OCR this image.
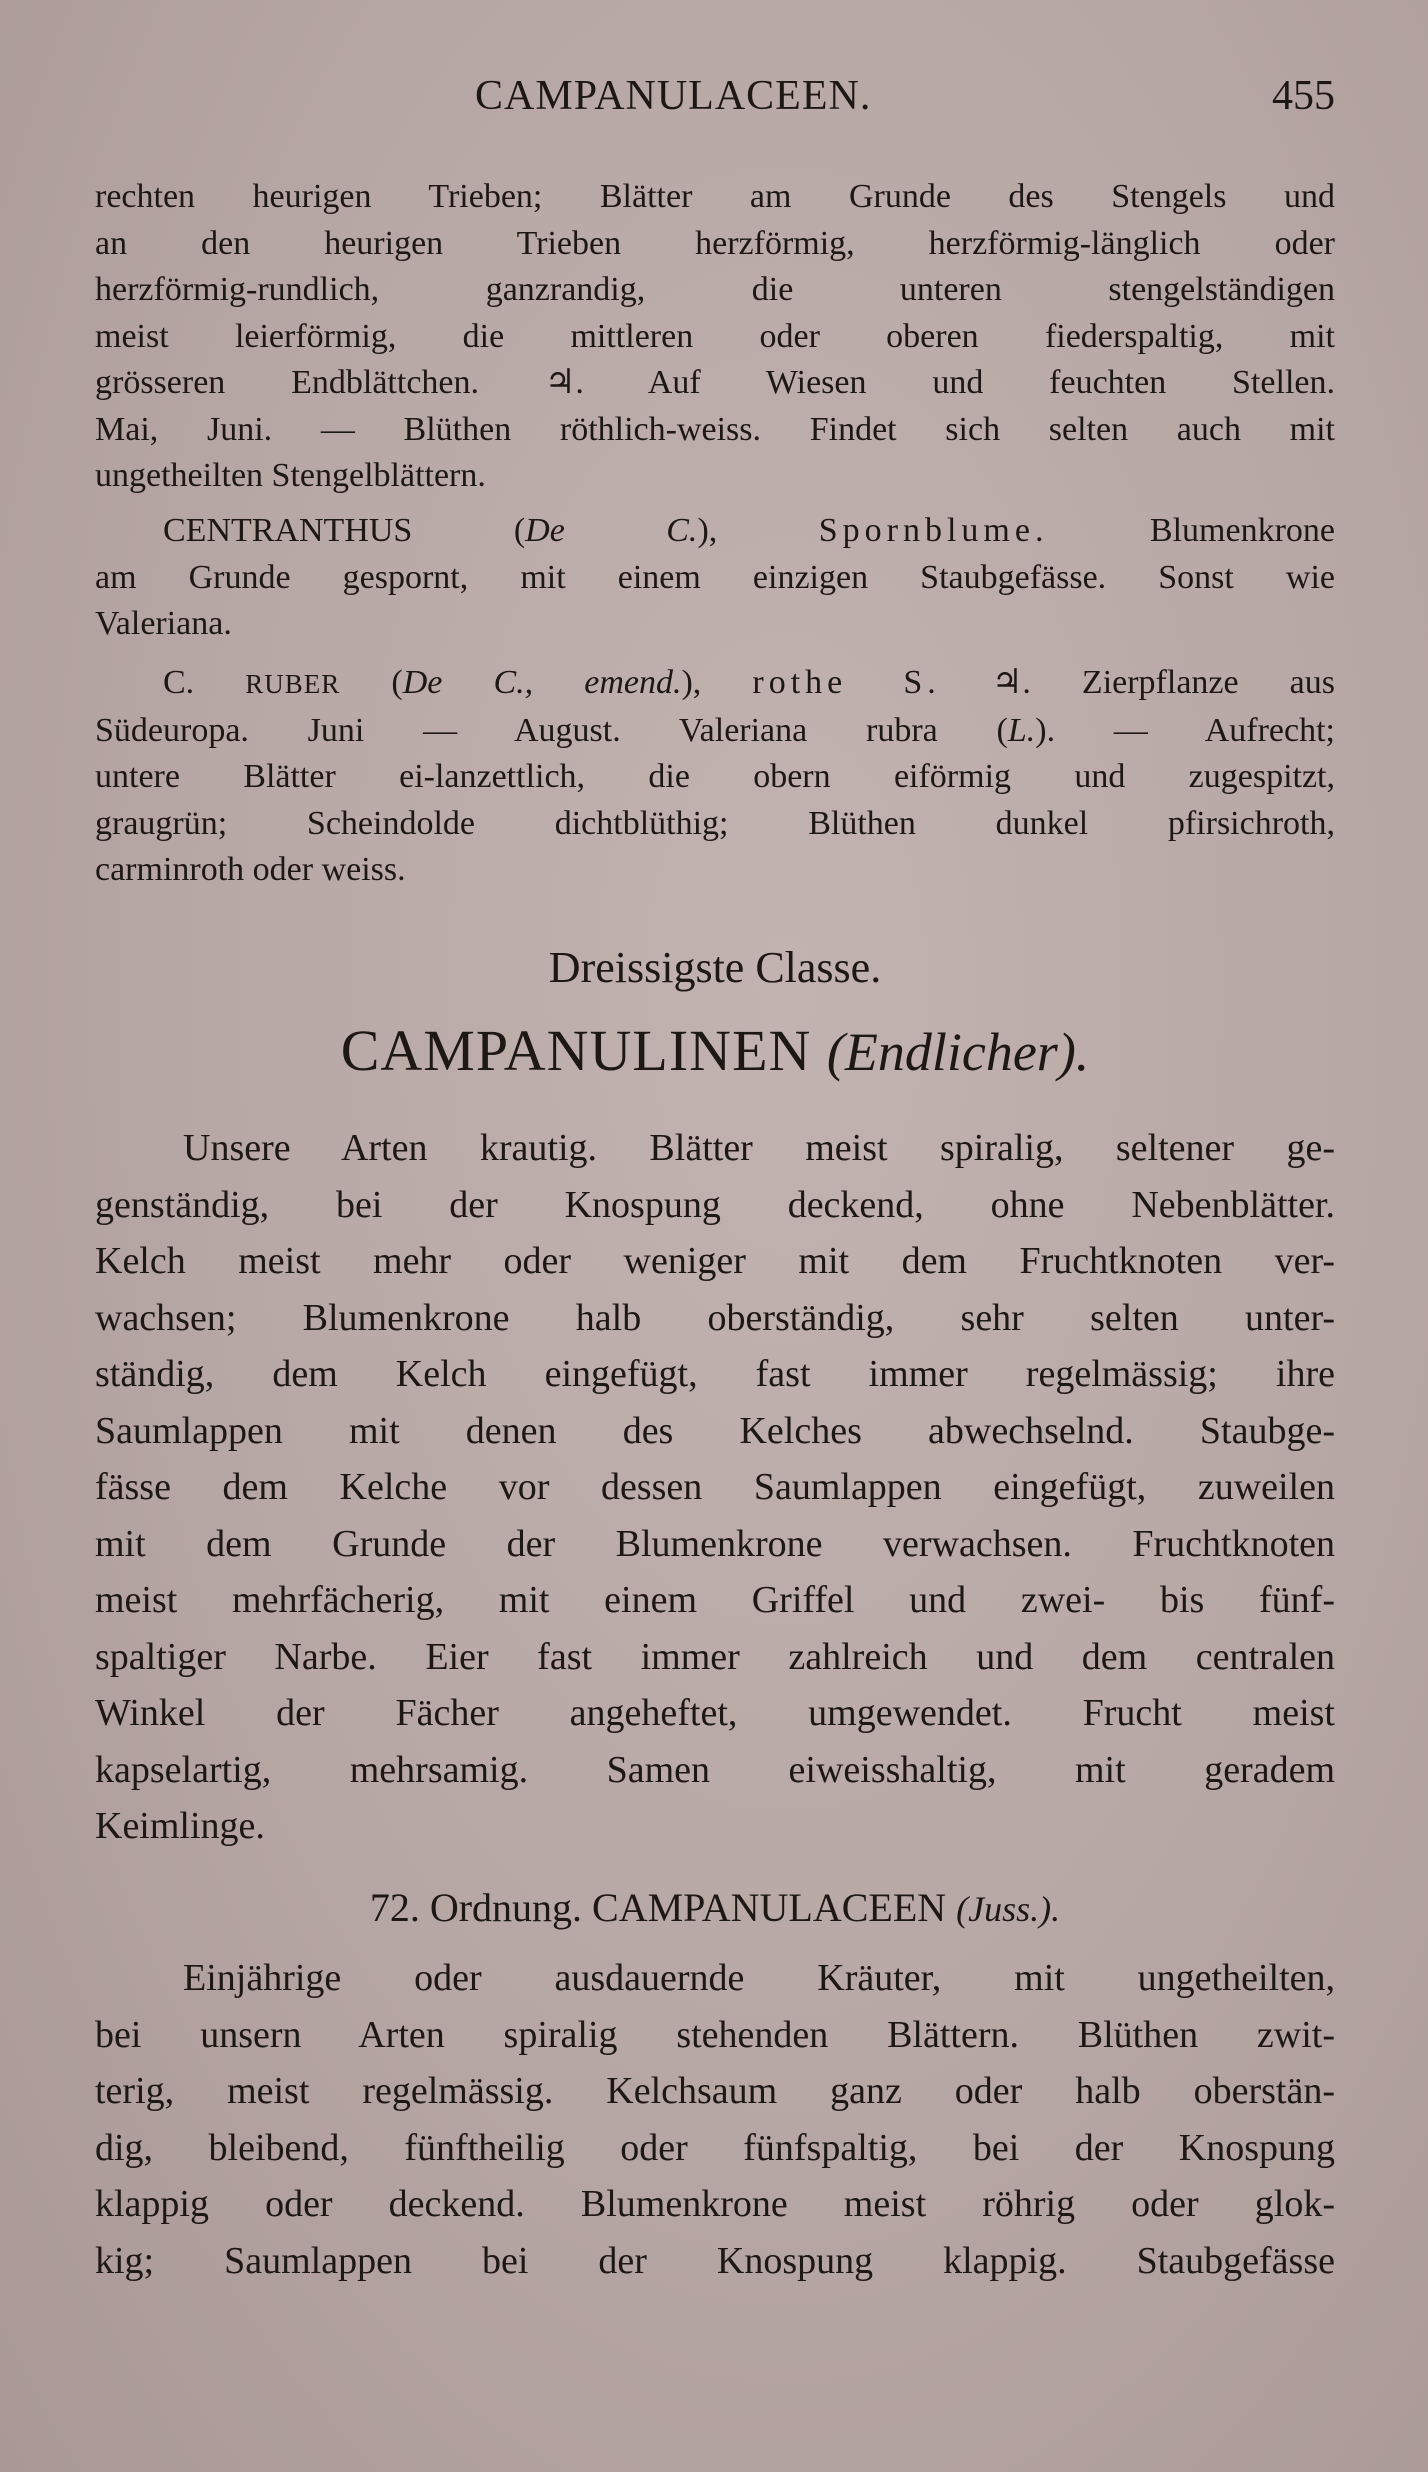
CAMPANULACEEN.	455
rechten heurigen Trieben; Blätter am Grunde des Stengels und
an den heurigen Trieben herzförmig, herzförmig-länglich oder
herzförmig-rundlich, ganzrandig, die unteren stengelständigen
meist leierförmig, die mittleren oder oberen fiederspaltig, mit
grösseren Endblättchen. ♃. Auf Wiesen und feuchten Stellen.
Mai, Juni. — Blüthen röthlich-weiss. Findet sich selten auch mit
ungetheilten Stengelblättern.
CENTRANTHUS	(De C.),	Spornblume.	Blumenkrone
am Grunde gespornt, mit einem einzigen Staubgefässe. Sonst wie
Valeriana.
C. RUBER (De C., emend.), rothe S. ♃. Zierpflanze aus
Südeuropa. Juni — August. Valeriana rubra (L.). — Aufrecht;
untere Blätter ei-lanzettlich, die obern eiförmig und zugespitzt,
graugrün; Scheindolde dichtblüthig; Blüthen dunkel pfirsichroth,
carminroth oder weiss.
Dreissigste Classe.
CAMPANULINEN (Endlicher).
Unsere Arten krautig. Blätter meist spiralig, seltener ge-
genständig, bei der Knospung deckend, ohne Nebenblätter.
Kelch meist mehr oder weniger mit dem Fruchtknoten ver-
wachsen; Blumenkrone halb oberständig, sehr selten unter-
ständig, dem Kelch eingefügt, fast immer regelmässig; ihre
Saumlappen mit denen des Kelches abwechselnd. Staubge-
fässe dem Kelche vor dessen Saumlappen eingefügt, zuweilen
mit dem Grunde der Blumenkrone verwachsen. Fruchtknoten
meist mehrfächerig, mit einem Griffel und zwei- bis fünf-
spaltiger Narbe. Eier fast immer zahlreich und dem centralen
Winkel der Fächer angeheftet, umgewendet. Frucht meist
kapselartig, mehrsamig. Samen eiweisshaltig, mit geradem
Keimlinge.
72. Ordnung. CAMPANULACEEN (Juss.).
Einjährige oder ausdauernde Kräuter, mit ungetheilten,
bei unsern Arten spiralig stehenden Blättern. Blüthen zwit-
terig, meist regelmässig. Kelchsaum ganz oder halb oberstän-
dig, bleibend, fünftheilig oder fünfspaltig, bei der Knospung
klappig oder deckend. Blumenkrone meist röhrig oder glok-
kig; Saumlappen bei der Knospung klappig. Staubgefässe
